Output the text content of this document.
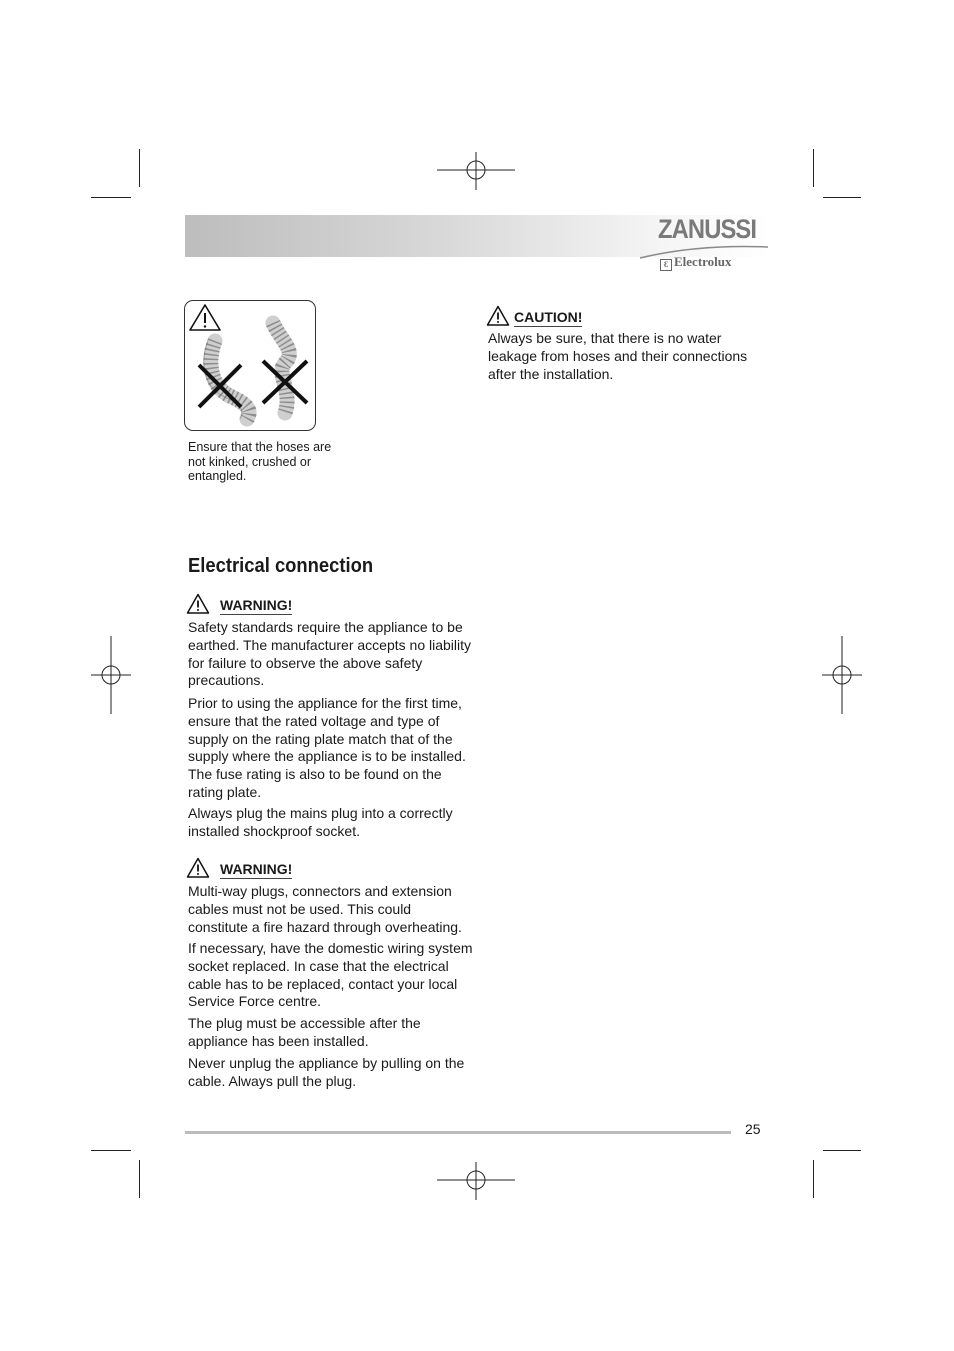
ZANUSSI
Ɛ Electrolux
Ensure that the hoses are not kinked, crushed or entangled.
CAUTION!
Always be sure, that there is no water leakage from hoses and their connections after the installation.
Electrical connection
WARNING!
Safety standards require the appliance to be earthed. The manufacturer accepts no liability for failure to observe the above safety precautions.
Prior to using the appliance for the first time, ensure that the rated voltage and type of supply on the rating plate match that of the supply where the appliance is to be installed. The fuse rating is also to be found on the rating plate.
Always plug the mains plug into a correctly installed shockproof socket.
WARNING!
Multi-way plugs, connectors and extension cables must not be used. This could constitute a fire hazard through overheating.
If necessary, have the domestic wiring system socket replaced. In case that the electrical cable has to be replaced, contact your local Service Force centre.
The plug must be accessible after the appliance has been installed.
Never unplug the appliance by pulling on the cable. Always pull the plug.
25
